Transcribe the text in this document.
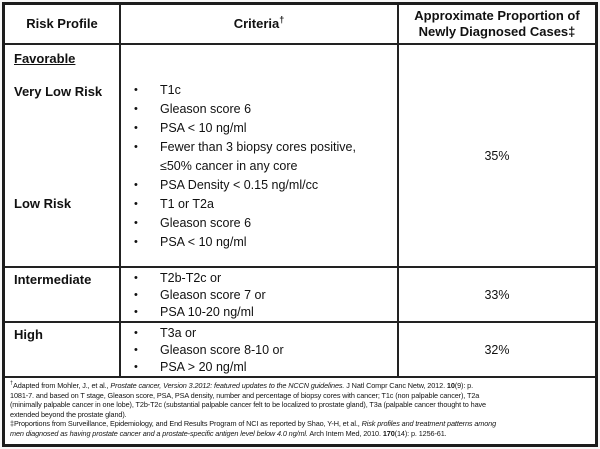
Risk Profile	Criteria†	Approximate Proportion of
Newly Diagnosed Cases‡
Favorable
Very Low Risk	•	T1c
•	Gleason score 6
•	PSA < 10 ng/ml
•	Fewer than 3 biopsy cores positive, ≤50% cancer in any core
•	PSA Density < 0.15 ng/ml/cc
Low Risk	•	T1 or T2a
•	Gleason score 6
•	PSA < 10 ng/ml
35%
Intermediate	•	T2b-T2c or
•	Gleason score 7 or
•	PSA 10-20 ng/ml
33%
High	•	T3a or
•	Gleason score 8-10 or
•	PSA > 20 ng/ml
32%

†Adapted from Mohler, J., et al., Prostate cancer, Version 3.2012: featured updates to the NCCN guidelines. J Natl Compr Canc Netw, 2012. 10(9): p.
1081-7. and based on T stage, Gleason score, PSA, PSA density, number and percentage of biopsy cores with cancer; T1c (non palpable cancer), T2a
(minimally palpable cancer in one lobe), T2b-T2c (substantial palpable cancer felt to be localized to prostate gland), T3a (palpable cancer thought to have
extended beyond the prostate gland).

‡Proportions from Surveillance, Epidemiology, and End Results Program of NCI as reported by Shao, Y-H, et al., Risk profiles and treatment patterns among
men diagnosed as having prostate cancer and a prostate-specific antigen level below 4.0 ng/ml. Arch Intern Med, 2010. 170(14): p. 1256-61.
